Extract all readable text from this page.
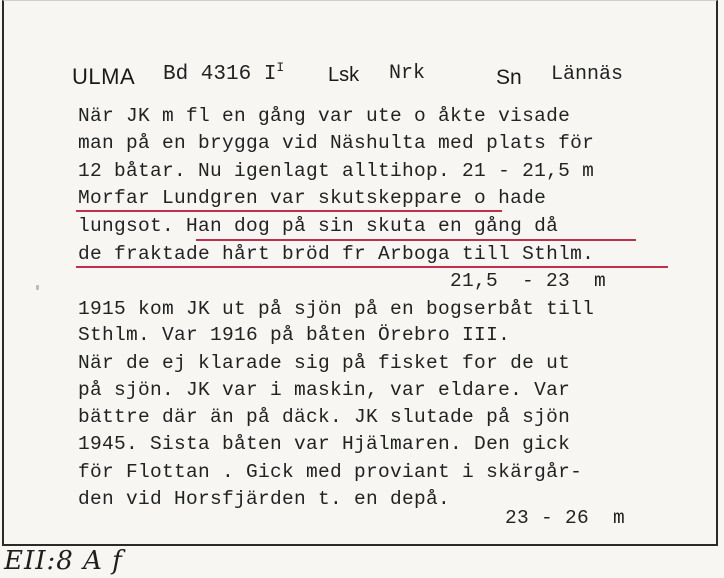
ULMA Bd 4316 $I^I$ Lsk Nrk	Sn Lännäs
När JK m fl en gång var ute o åkte visade
man på en brygga vid Näshulta med plats för
12 båtar. Nu igenlagt alltihop. 21 - 21,5 m
Morfar Lundgren var skutskeppare o hade
lungsot. Han dog på sin skuta en gång då
de fraktade hårt bröd fr Arboga till Sthlm.
21,5  - 23  m
1915 kom JK ut på sjön på en bogserbåt till
Sthlm. Var 1916 på båten Örebro III.
När de ej klarade sig på fisket for de ut
på sjön. JK var i maskin, var eldare. Var
bättre där än på däck. JK slutade på sjön
1945. Sista båten var Hjälmaren. Den gick
för Flottan . Gick med proviant i skärgår-
den vid Horsfjärden t. en depå.
23 - 26  m
EII:8 A f
